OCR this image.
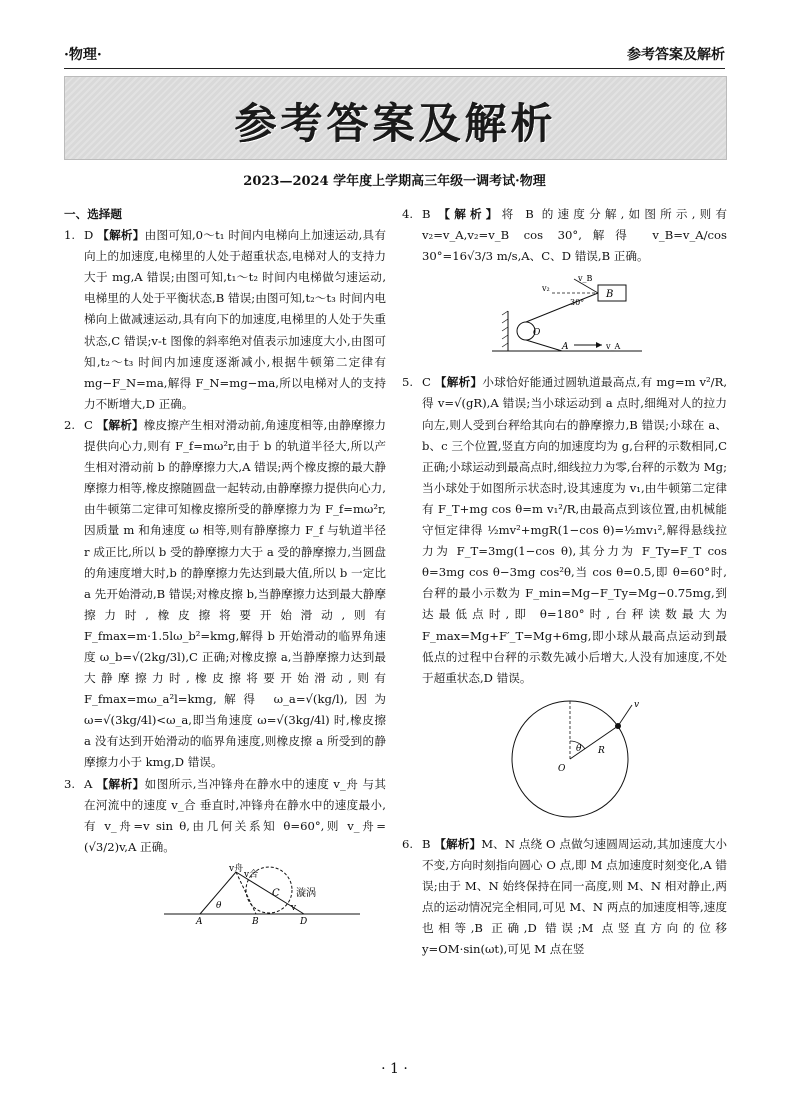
·物理·	参考答案及解析
参考答案及解析
2023—2024 学年度上学期高三年级一调考试·物理

一、选择题

1. D 【解析】由图可知,0～t₁ 时间内电梯向上加速运动,具有向上的加速度,电梯里的人处于超重状态,电梯对人的支持力大于 mg,A 错误;由图可知,t₁～t₂ 时间内电梯做匀速运动,电梯里的人处于平衡状态,B 错误;由图可知,t₂～t₃ 时间内电梯向上做减速运动,具有向下的加速度,电梯里的人处于失重状态,C 错误;v-t 图像的斜率绝对值表示加速度大小,由图可知,t₂～t₃ 时间内加速度逐渐减小,根据牛顿第二定律有 mg−F_N=ma,解得 F_N=mg−ma,所以电梯对人的支持力不断增大,D 正确。

2. C 【解析】橡皮擦产生相对滑动前,角速度相等,由静摩擦力提供向心力,则有 F_f=mω²r,由于 b 的轨道半径大,所以产生相对滑动前 b 的静摩擦力大,A 错误;两个橡皮擦的最大静摩擦力相等,橡皮擦随圆盘一起转动,由静摩擦力提供向心力,由牛顿第二定律可知橡皮擦所受的静摩擦力为 F_f=mω²r,因质量 m 和角速度 ω 相等,则有静摩擦力 F_f 与轨道半径 r 成正比,所以 b 受的静摩擦力大于 a 受的静摩擦力,当圆盘的角速度增大时,b 的静摩擦力先达到最大值,所以 b 一定比 a 先开始滑动,B 错误;对橡皮擦 b,当静摩擦力达到最大静摩擦力时,橡皮擦将要开始滑动,则有 F_fmax=m·1.5lω_b²=kmg,解得 b 开始滑动的临界角速度 ω_b=√(2kg/3l),C 正确;对橡皮擦 a,当静摩擦力达到最大静摩擦力时,橡皮擦将要开始滑动,则有 F_fmax=mω_a²l=kmg,解得 ω_a=√(kg/l),因为 ω=√(3kg/4l)<ω_a,即当角速度 ω=√(3kg/4l) 时,橡皮擦 a 没有达到开始滑动的临界角速度,则橡皮擦 a 所受到的静摩擦力小于 kmg,D 错误。

3. A 【解析】如图所示,当冲锋舟在静水中的速度 v_舟 与其在河流中的速度 v_合 垂直时,冲锋舟在静水中的速度最小,有 v_舟=v sin θ,由几何关系知 θ=60°,则 v_舟=(√3/2)v,A 正确。

v舟
v合
v
C 漩涡
θ
A	B	D

4. B 【解析】将 B 的速度分解,如图所示,则有 v₂=v_A,v₂=v_B cos 30°,解得 v_B=v_A/cos 30°=16√3/3 m/s,A、C、D 错误,B 正确。

v₂
30°
B
v_B
O
A	v_A

5. C 【解析】小球恰好能通过圆轨道最高点,有 mg=m v²/R,得 v=√(gR),A 错误;当小球运动到 a 点时,细绳对人的拉力向左,则人受到台秤给其向右的静摩擦力,B 错误;小球在 a、b、c 三个位置,竖直方向的加速度均为 g,台秤的示数相同,C 正确;小球运动到最高点时,细线拉力为零,台秤的示数为 Mg;当小球处于如图所示状态时,设其速度为 v₁,由牛顿第二定律有 F_T+mg cos θ=m v₁²/R,由最高点到该位置,由机械能守恒定律得 ½mv²+mgR(1−cos θ)=½mv₁²,解得悬线拉力为 F_T=3mg(1−cos θ),其分力为 F_Ty=F_T cos θ=3mg cos θ−3mg cos²θ,当 cos θ=0.5,即 θ=60°时,台秤的最小示数为 F_min=Mg−F_Ty=Mg−0.75mg,到达最低点时,即 θ=180°时,台秤读数最大为 F_max=Mg+F′_T=Mg+6mg,即小球从最高点运动到最低点的过程中台秤的示数先减小后增大,人没有加速度,不处于超重状态,D 错误。

v
θ R
O

6. B 【解析】M、N 点绕 O 点做匀速圆周运动,其加速度大小不变,方向时刻指向圆心 O 点,即 M 点加速度时刻变化,A 错误;由于 M、N 始终保持在同一高度,则 M、N 相对静止,两点的运动情况完全相同,可见 M、N 两点的加速度相等,速度也相等,B 正确,D 错误;M 点竖直方向的位移 y=OM·sin(ωt),可见 M 点在竖

· 1 ·
